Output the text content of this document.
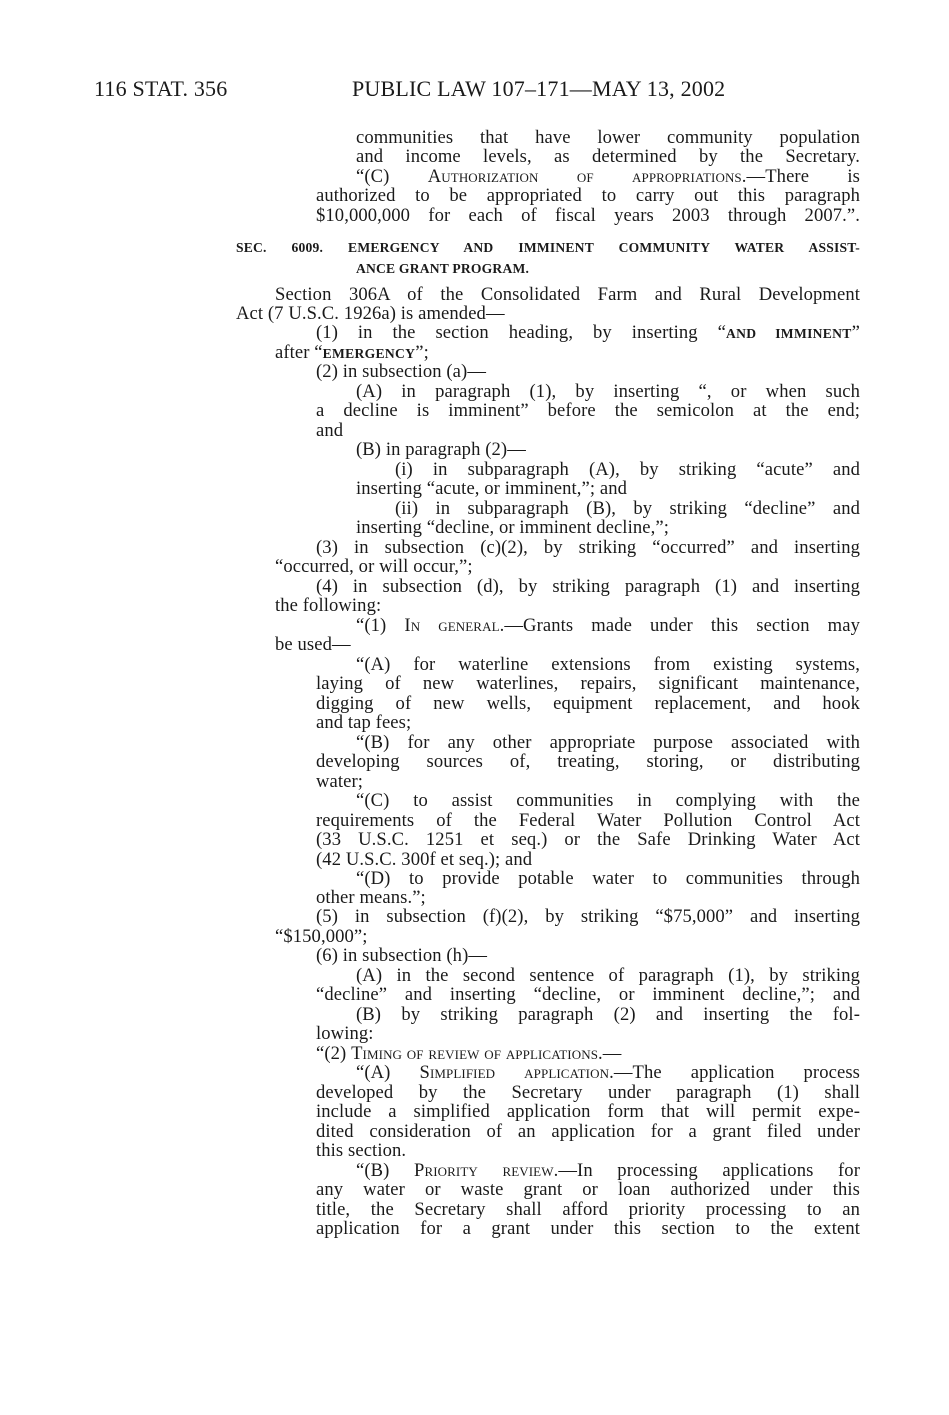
116 STAT. 356	PUBLIC LAW 107–171—MAY 13, 2002

communities that have lower community population

and income levels, as determined by the Secretary.

“(C) Authorization of appropriations.—There is

authorized to be appropriated to carry out this paragraph

$10,000,000 for each of fiscal years 2003 through 2007.”.

SEC. 6009. EMERGENCY AND IMMINENT COMMUNITY WATER ASSIST-

ANCE GRANT PROGRAM.

Section 306A of the Consolidated Farm and Rural Development

Act (7 U.S.C. 1926a) is amended—

(1) in the section heading, by inserting “AND IMMINENT”

after “EMERGENCY”;

(2) in subsection (a)—

(A) in paragraph (1), by inserting “, or when such

a decline is imminent” before the semicolon at the end;

and

(B) in paragraph (2)—

(i) in subparagraph (A), by striking “acute” and

inserting “acute, or imminent,”; and

(ii) in subparagraph (B), by striking “decline” and

inserting “decline, or imminent decline,”;

(3) in subsection (c)(2), by striking “occurred” and inserting

“occurred, or will occur,”;

(4) in subsection (d), by striking paragraph (1) and inserting

the following:

“(1) In general.—Grants made under this section may

be used—

“(A) for waterline extensions from existing systems,

laying of new waterlines, repairs, significant maintenance,

digging of new wells, equipment replacement, and hook

and tap fees;

“(B) for any other appropriate purpose associated with

developing sources of, treating, storing, or distributing

water;

“(C) to assist communities in complying with the

requirements of the Federal Water Pollution Control Act

(33 U.S.C. 1251 et seq.) or the Safe Drinking Water Act

(42 U.S.C. 300f et seq.); and

“(D) to provide potable water to communities through

other means.”;

(5) in subsection (f)(2), by striking “$75,000” and inserting

“$150,000”;

(6) in subsection (h)—

(A) in the second sentence of paragraph (1), by striking

“decline” and inserting “decline, or imminent decline,”; and

(B) by striking paragraph (2) and inserting the fol-

lowing:

“(2) Timing of review of applications.—

“(A) Simplified application.—The application process

developed by the Secretary under paragraph (1) shall

include a simplified application form that will permit expe-

dited consideration of an application for a grant filed under

this section.

“(B) Priority review.—In processing applications for

any water or waste grant or loan authorized under this

title, the Secretary shall afford priority processing to an

application for a grant under this section to the extent
